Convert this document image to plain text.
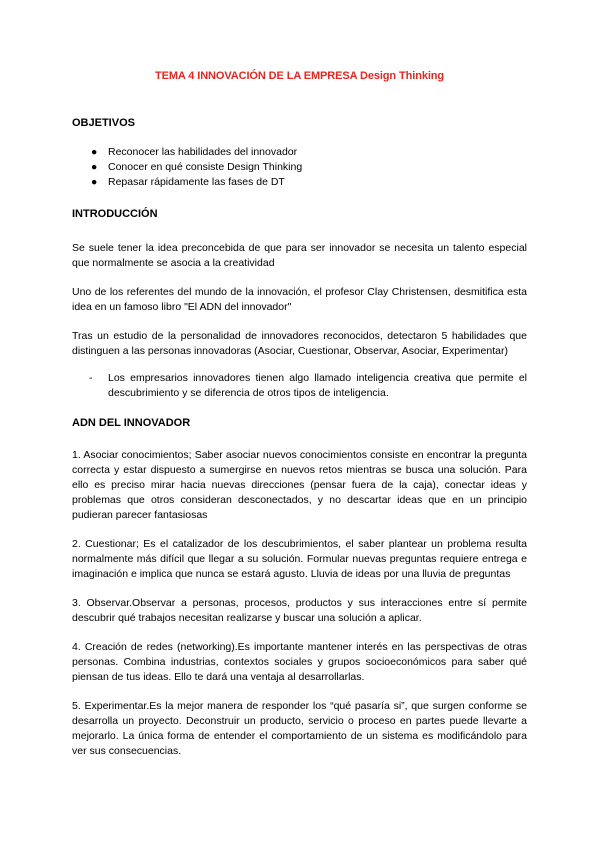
TEMA 4 INNOVACIÓN DE LA EMPRESA Design Thinking

OBJETIVOS

● Reconocer las habilidades del innovador
● Conocer en qué consiste Design Thinking
● Repasar rápidamente las fases de DT

INTRODUCCIÓN

Se suele tener la idea preconcebida de que para ser innovador se necesita un talento especial que normalmente se asocia a la creatividad

Uno de los referentes del mundo de la innovación, el profesor Clay Christensen, desmitifica esta idea en un famoso libro "El ADN del innovador"

Tras un estudio de la personalidad de innovadores reconocidos, detectaron 5 habilidades que distinguen a las personas innovadoras (Asociar, Cuestionar, Observar, Asociar, Experimentar)

- Los empresarios innovadores tienen algo llamado inteligencia creativa que permite el descubrimiento y se diferencia de otros tipos de inteligencia.

ADN DEL INNOVADOR

1. Asociar conocimientos; Saber asociar nuevos conocimientos consiste en encontrar la pregunta correcta y estar dispuesto a sumergirse en nuevos retos mientras se busca una solución. Para ello es preciso mirar hacia nuevas direcciones (pensar fuera de la caja), conectar ideas y problemas que otros consideran desconectados, y no descartar ideas que en un principio pudieran parecer fantasiosas

2. Cuestionar; Es el catalizador de los descubrimientos, el saber plantear un problema resulta normalmente más difícil que llegar a su solución. Formular nuevas preguntas requiere entrega e imaginación e implica que nunca se estará agusto. Lluvia de ideas por una lluvia de preguntas

3. Observar.Observar a personas, procesos, productos y sus interacciones entre sí permite descubrir qué trabajos necesitan realizarse y buscar una solución a aplicar.

4. Creación de redes (networking).Es importante mantener interés en las perspectivas de otras personas. Combina industrias, contextos sociales y grupos socioeconómicos para saber qué piensan de tus ideas. Ello te dará una ventaja al desarrollarlas.

5. Experimentar.Es la mejor manera de responder los “qué pasaría si”, que surgen conforme se desarrolla un proyecto. Deconstruir un producto, servicio o proceso en partes puede llevarte a mejorarlo. La única forma de entender el comportamiento de un sistema es modificándolo para ver sus consecuencias.
